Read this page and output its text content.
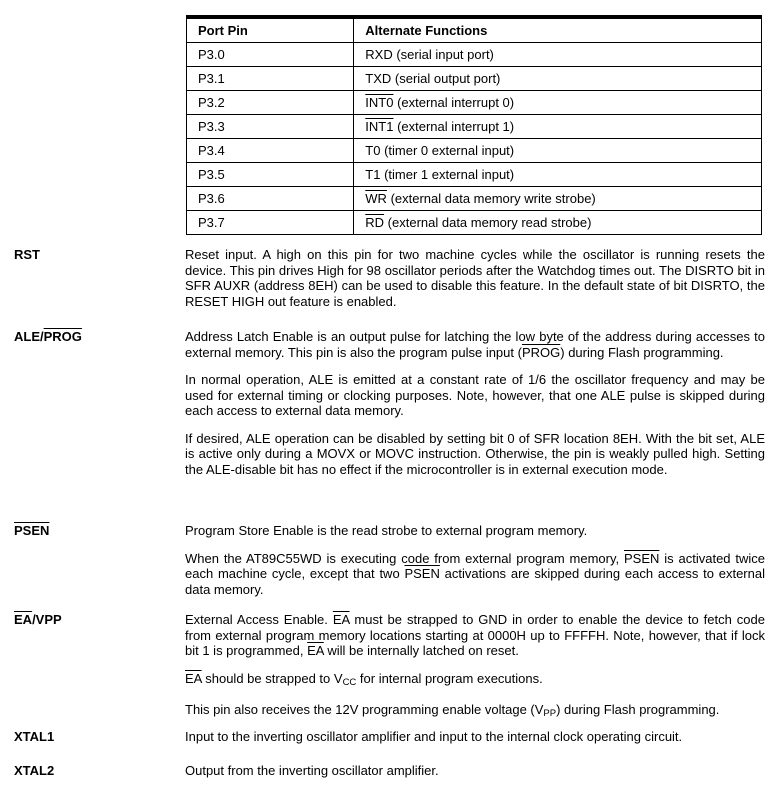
Port Pin	Alternate Functions
P3.0	RXD (serial input port)
P3.1	TXD (serial output port)
P3.2	INT0 (external interrupt 0)
P3.3	INT1 (external interrupt 1)
P3.4	T0 (timer 0 external input)
P3.5	T1 (timer 1 external input)
P3.6	$\overline{WR}$ (external data memory write strobe)
P3.7	$\overline{RD}$ (external data memory read strobe)
RST	Reset input. A high on this pin for two machine cycles while the oscillator is running resets the device. This pin drives High for 98 oscillator periods after the Watchdog times out. The DISRTO bit in SFR AUXR (address 8EH) can be used to disable this feature. In the default state of bit DISRTO, the RESET HIGH out feature is enabled.

ALE/PROG	Address Latch Enable is an output pulse for latching the low byte of the address during accesses to external memory. This pin is also the program pulse input (PROG) during Flash programming.

In normal operation, ALE is emitted at a constant rate of 1/6 the oscillator frequency and may be used for external timing or clocking purposes. Note, however, that one ALE pulse is skipped during each access to external data memory.

If desired, ALE operation can be disabled by setting bit 0 of SFR location 8EH. With the bit set, ALE is active only during a MOVX or MOVC instruction. Otherwise, the pin is weakly pulled high. Setting the ALE-disable bit has no effect if the microcontroller is in external execution mode.

PSEN	Program Store Enable is the read strobe to external program memory.

When the AT89C55WD is executing code from external program memory, PSEN is activated twice each machine cycle, except that two PSEN activations are skipped during each access to external data memory.

$\overline{EA}$/VPP	External Access Enable. $\overline{EA}$ must be strapped to GND in order to enable the device to fetch code from external program memory locations starting at 0000H up to FFFFH. Note, however, that if lock bit 1 is programmed, $\overline{EA}$ will be internally latched on reset.

$\overline{EA}$ should be strapped to VCC for internal program executions.

This pin also receives the 12V programming enable voltage (VPP) during Flash programming.

XTAL1	Input to the inverting oscillator amplifier and input to the internal clock operating circuit.

XTAL2	Output from the inverting oscillator amplifier.
